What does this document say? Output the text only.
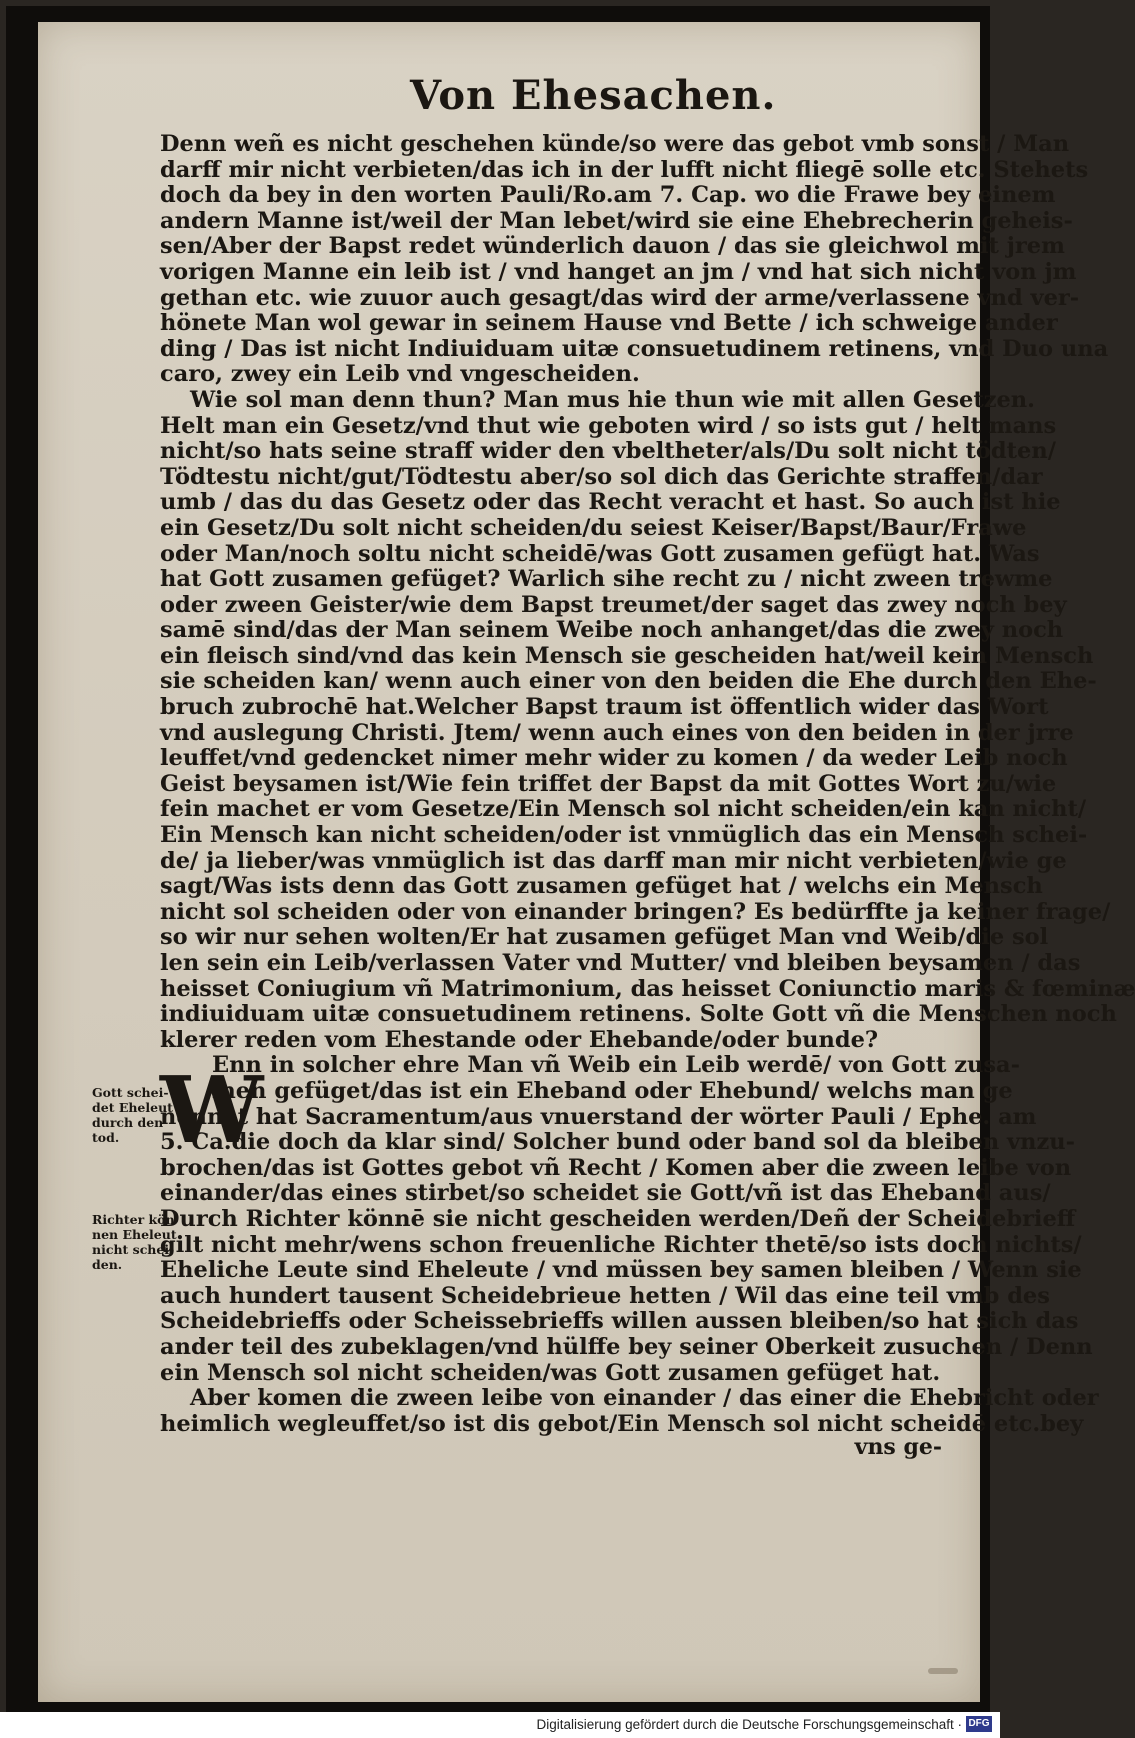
Von Ehesachen.
Denn weñ es nicht geschehen künde/so were das gebot vmb sonst / Man
darff mir nicht verbieten/das ich in der lufft nicht fliegē solle etc. Stehets
doch da bey in den worten Pauli/Ro.am 7. Cap. wo die Frawe bey einem
andern Manne ist/weil der Man lebet/wird sie eine Ehebrecherin geheis-
sen/Aber der Bapst redet wünderlich dauon / das sie gleichwol mit jrem
vorigen Manne ein leib ist / vnd hanget an jm / vnd hat sich nicht von jm
gethan etc. wie zuuor auch gesagt/das wird der arme/verlassene vnd ver-
hönete Man wol gewar in seinem Hause vnd Bette / ich schweige ander
ding / Das ist nicht Indiuiduam uitæ consuetudinem retinens, vnd Duo una
caro, zwey ein Leib vnd vngescheiden.
Wie sol man denn thun? Man mus hie thun wie mit allen Gesetzen.
Helt man ein Gesetz/vnd thut wie geboten wird / so ists gut / helt mans
nicht/so hats seine straff wider den vbeltheter/als/Du solt nicht tödten/
Tödtestu nicht/gut/Tödtestu aber/so sol dich das Gerichte straffen/dar
umb / das du das Gesetz oder das Recht veracht et hast. So auch ist hie
ein Gesetz/Du solt nicht scheiden/du seiest Keiser/Bapst/Baur/Frawe
oder Man/noch soltu nicht scheidē/was Gott zusamen gefügt hat. Was
hat Gott zusamen gefüget? Warlich sihe recht zu / nicht zween trewme
oder zween Geister/wie dem Bapst treumet/der saget das zwey noch bey
samē sind/das der Man seinem Weibe noch anhanget/das die zwey noch
ein fleisch sind/vnd das kein Mensch sie gescheiden hat/weil kein Mensch
sie scheiden kan/ wenn auch einer von den beiden die Ehe durch den Ehe-
bruch zubrochē hat.Welcher Bapst traum ist öffentlich wider das Wort
vnd auslegung Christi. Jtem/ wenn auch eines von den beiden in der jrre
leuffet/vnd gedencket nimer mehr wider zu komen / da weder Leib noch
Geist beysamen ist/Wie fein triffet der Bapst da mit Gottes Wort zu/wie
fein machet er vom Gesetze/Ein Mensch sol nicht scheiden/ein kan nicht/
Ein Mensch kan nicht scheiden/oder ist vnmüglich das ein Mensch schei-
de/ ja lieber/was vnmüglich ist das darff man mir nicht verbieten/wie ge
sagt/Was ists denn das Gott zusamen gefüget hat / welchs ein Mensch
nicht sol scheiden oder von einander bringen? Es bedürffte ja keiner frage/
so wir nur sehen wolten/Er hat zusamen gefüget Man vnd Weib/die sol
len sein ein Leib/verlassen Vater vnd Mutter/ vnd bleiben beysamen / das
heisset Coniugium vñ Matrimonium, das heisset Coniunctio maris & fœminæ
indiuiduam uitæ consuetudinem retinens. Solte Gott vñ die Menschen noch
klerer reden vom Ehestande oder Ehebande/oder bunde?
Enn in solcher ehre Man vñ Weib ein Leib werdē/ von Gott zusa-
men gefüget/das ist ein Eheband oder Ehebund/ welchs man ge
nennet hat Sacramentum/aus vnuerstand der wörter Pauli / Ephe. am
5. Ca.die doch da klar sind/ Solcher bund oder band sol da bleiben vnzu-
brochen/das ist Gottes gebot vñ Recht / Komen aber die zween leibe von
einander/das eines stirbet/so scheidet sie Gott/vñ ist das Eheband aus/
Durch Richter könnē sie nicht gescheiden werden/Deñ der Scheidebrieff
gilt nicht mehr/wens schon freuenliche Richter thetē/so ists doch nichts/
Eheliche Leute sind Eheleute / vnd müssen bey samen bleiben / Wenn sie
auch hundert tausent Scheidebrieue hetten / Wil das eine teil vmb des
Scheidebrieffs oder Scheissebrieffs willen aussen bleiben/so hat sich das
ander teil des zubeklagen/vnd hülffe bey seiner Oberkeit zusuchen / Denn
ein Mensch sol nicht scheiden/was Gott zusamen gefüget hat.
Aber komen die zween leibe von einander / das einer die Ehebricht oder
heimlich wegleuffet/so ist dis gebot/Ein Mensch sol nicht scheidē etc.bey
W
Gott schei-
det Eheleut
durch den
tod.
Richter kön
nen Eheleut
nicht schei-
den.
vns ge-
Digitalisierung gefördert durch die Deutsche Forschungsgemeinschaft · DFG
